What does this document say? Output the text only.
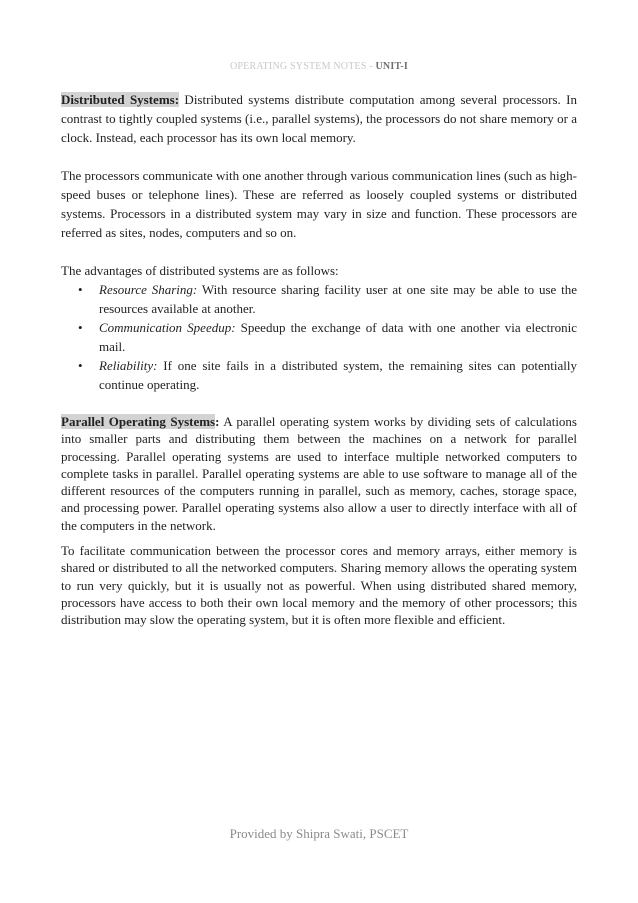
OPERATING SYSTEM NOTES - UNIT-I

Distributed Systems: Distributed systems distribute computation among several processors. In contrast to tightly coupled systems (i.e., parallel systems), the processors do not share memory or a clock. Instead, each processor has its own local memory.

The processors communicate with one another through various communication lines (such as high-speed buses or telephone lines). These are referred as loosely coupled systems or distributed systems. Processors in a distributed system may vary in size and function. These processors are referred as sites, nodes, computers and so on.

The advantages of distributed systems are as follows:

• Resource Sharing: With resource sharing facility user at one site may be able to use the resources available at another.
• Communication Speedup: Speedup the exchange of data with one another via electronic mail.
• Reliability: If one site fails in a distributed system, the remaining sites can potentially continue operating.

Parallel Operating Systems: A parallel operating system works by dividing sets of calculations into smaller parts and distributing them between the machines on a network for parallel processing. Parallel operating systems are used to interface multiple networked computers to complete tasks in parallel. Parallel operating systems are able to use software to manage all of the different resources of the computers running in parallel, such as memory, caches, storage space, and processing power. Parallel operating systems also allow a user to directly interface with all of the computers in the network.

To facilitate communication between the processor cores and memory arrays, either memory is shared or distributed to all the networked computers. Sharing memory allows the operating system to run very quickly, but it is usually not as powerful. When using distributed shared memory, processors have access to both their own local memory and the memory of other processors; this distribution may slow the operating system, but it is often more flexible and efficient.

Provided by Shipra Swati, PSCET
